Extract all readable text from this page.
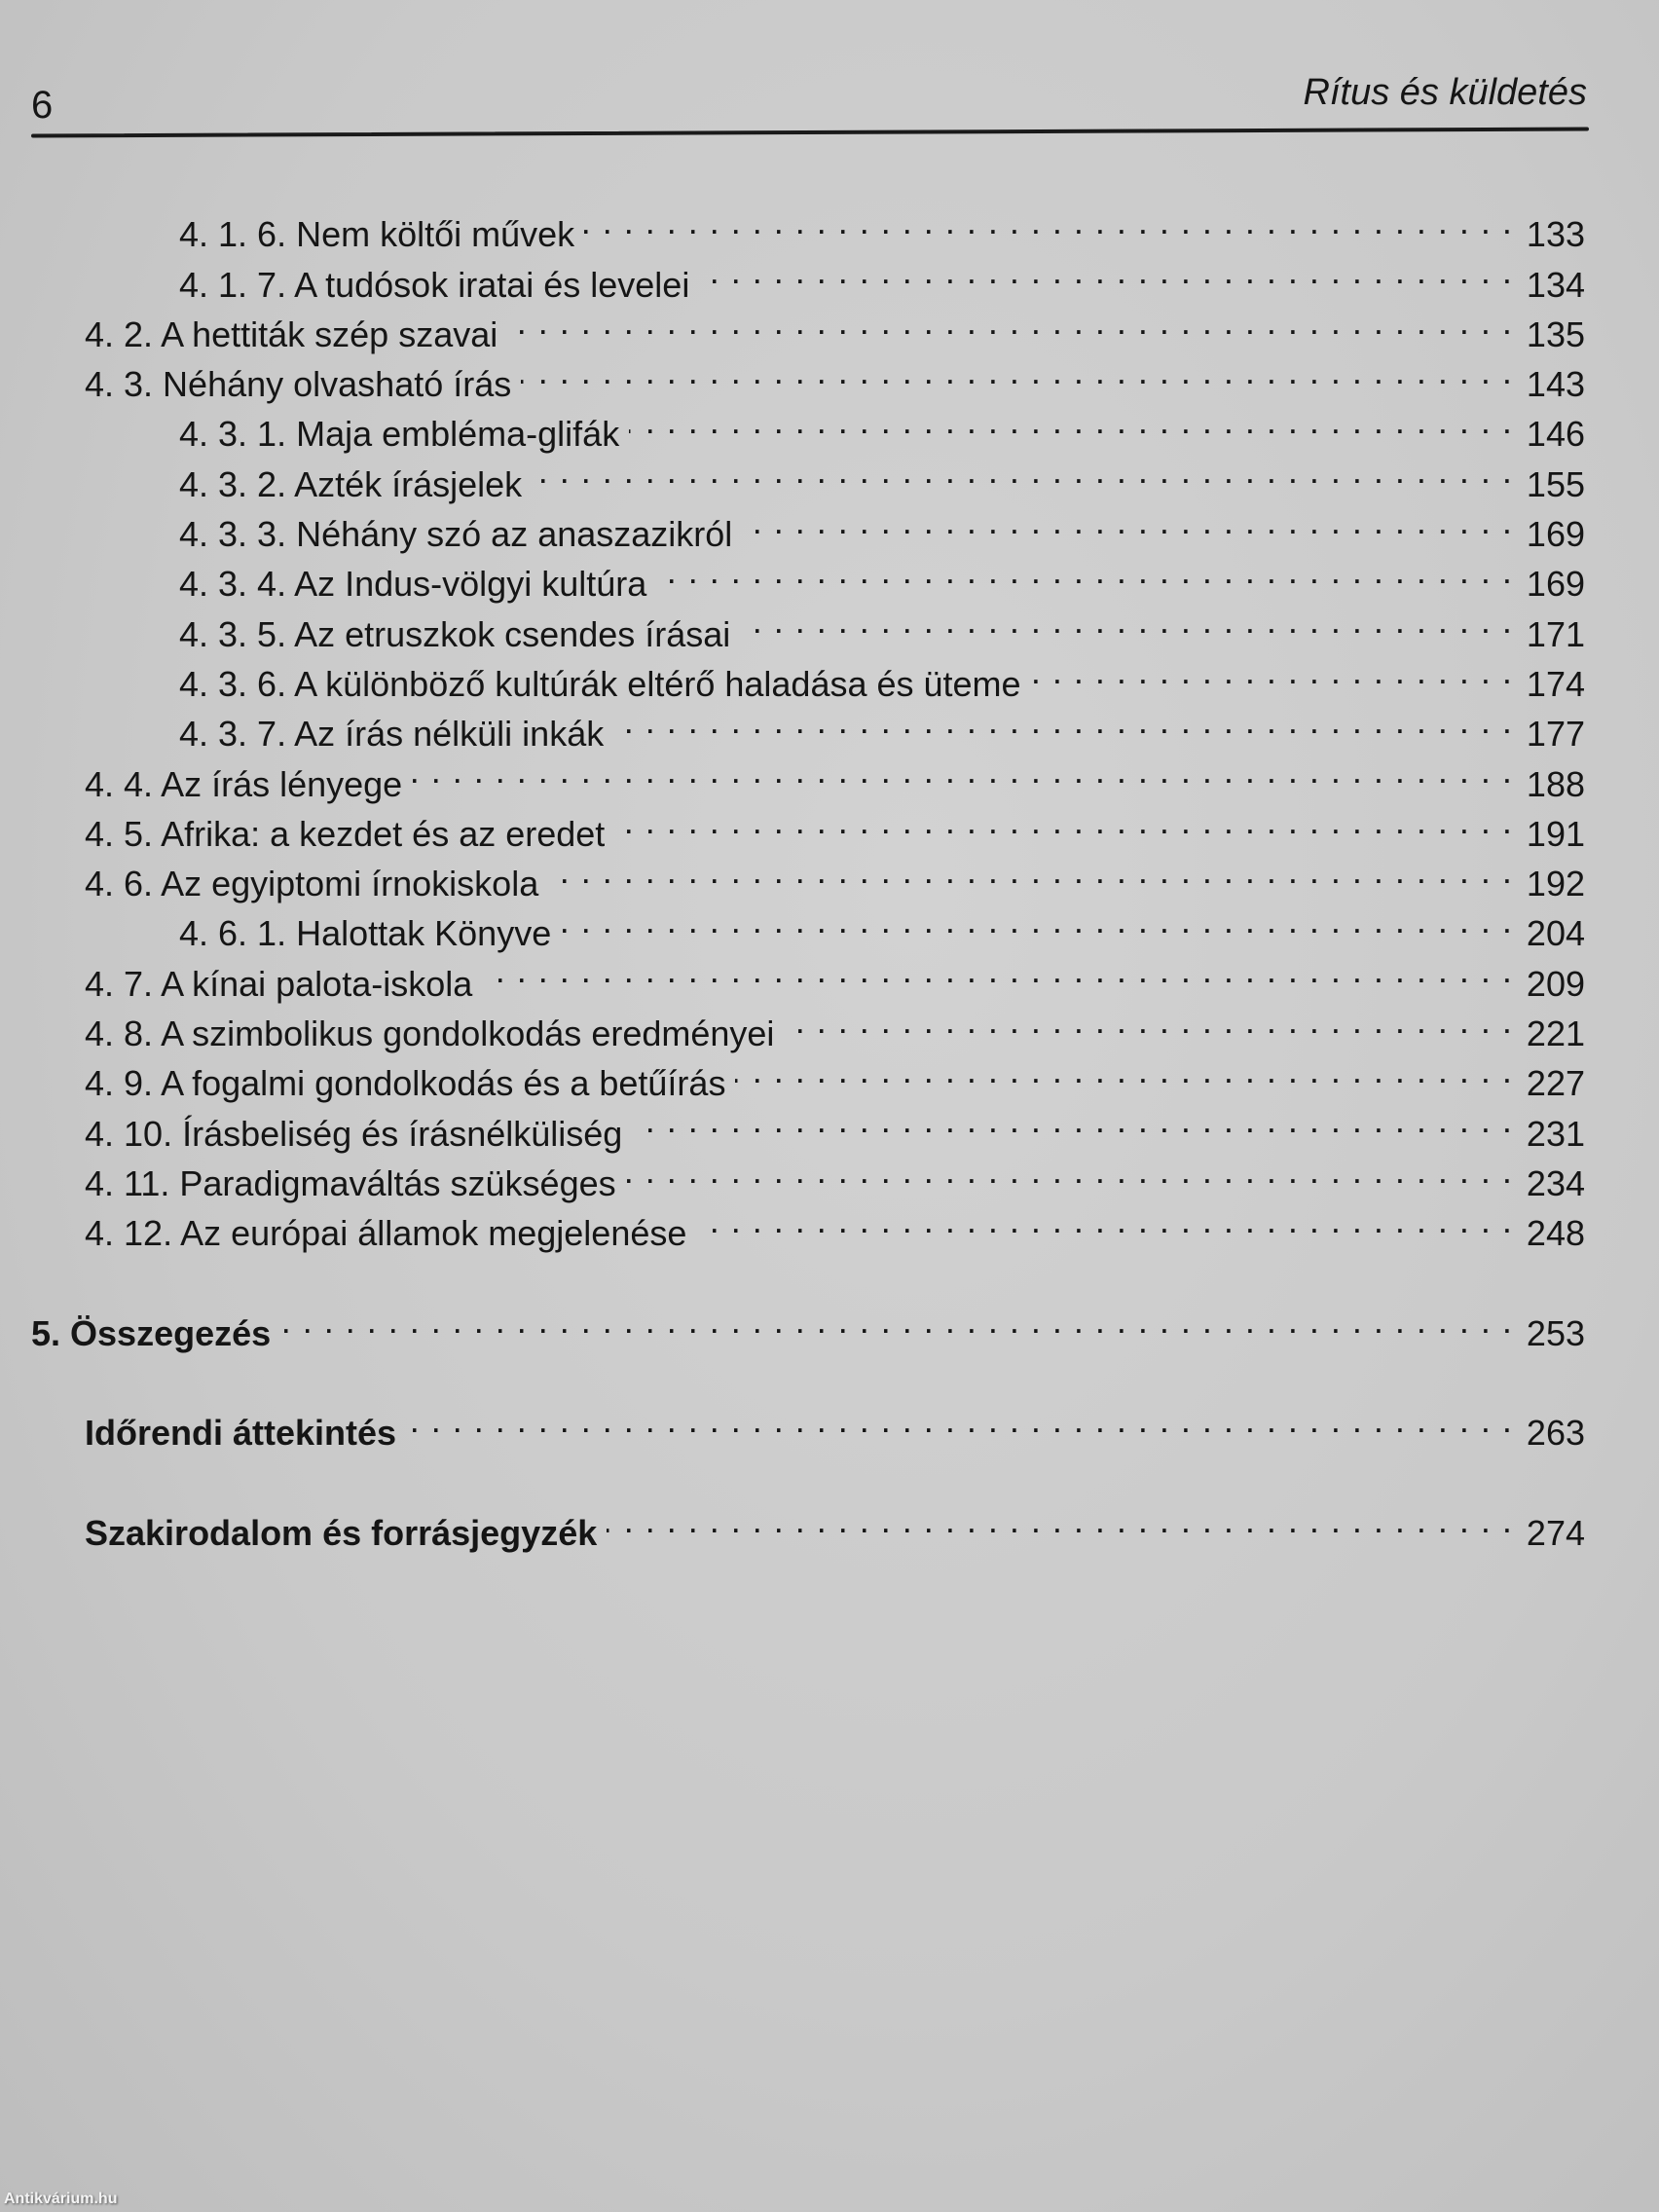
6	Rítus és küldetés
4. 1. 6. Nem költői művek . . .	133
4. 1. 7. A tudósok iratai és levelei . . .	134
4. 2. A hettiták szép szavai . . .	135
4. 3. Néhány olvasható írás . . .	143
4. 3. 1. Maja embléma-glifák . . .	146
4. 3. 2. Azték írásjelek . . .	155
4. 3. 3. Néhány szó az anaszazikról . . .	169
4. 3. 4. Az Indus-völgyi kultúra . . .	169
4. 3. 5. Az etruszkok csendes írásai . . .	171
4. 3. 6. A különböző kultúrák eltérő haladása és üteme . . .	174
4. 3. 7. Az írás nélküli inkák . . .	177
4. 4. Az írás lényege . . .	188
4. 5. Afrika: a kezdet és az eredet . . .	191
4. 6. Az egyiptomi írnokiskola . . .	192
4. 6. 1. Halottak Könyve . . .	204
4. 7. A kínai palota-iskola . . .	209
4. 8. A szimbolikus gondolkodás eredményei . . .	221
4. 9. A fogalmi gondolkodás és a betűírás . . .	227
4. 10. Írásbeliség és írásnélküliség . . .	231
4. 11. Paradigmaváltás szükséges . . .	234
4. 12. Az európai államok megjelenése . . .	248
5. Összegezés . . .	253
Időrendi áttekintés . . .	263
Szakirodalom és forrásjegyzék . . .	274
Antikvárium.hu
